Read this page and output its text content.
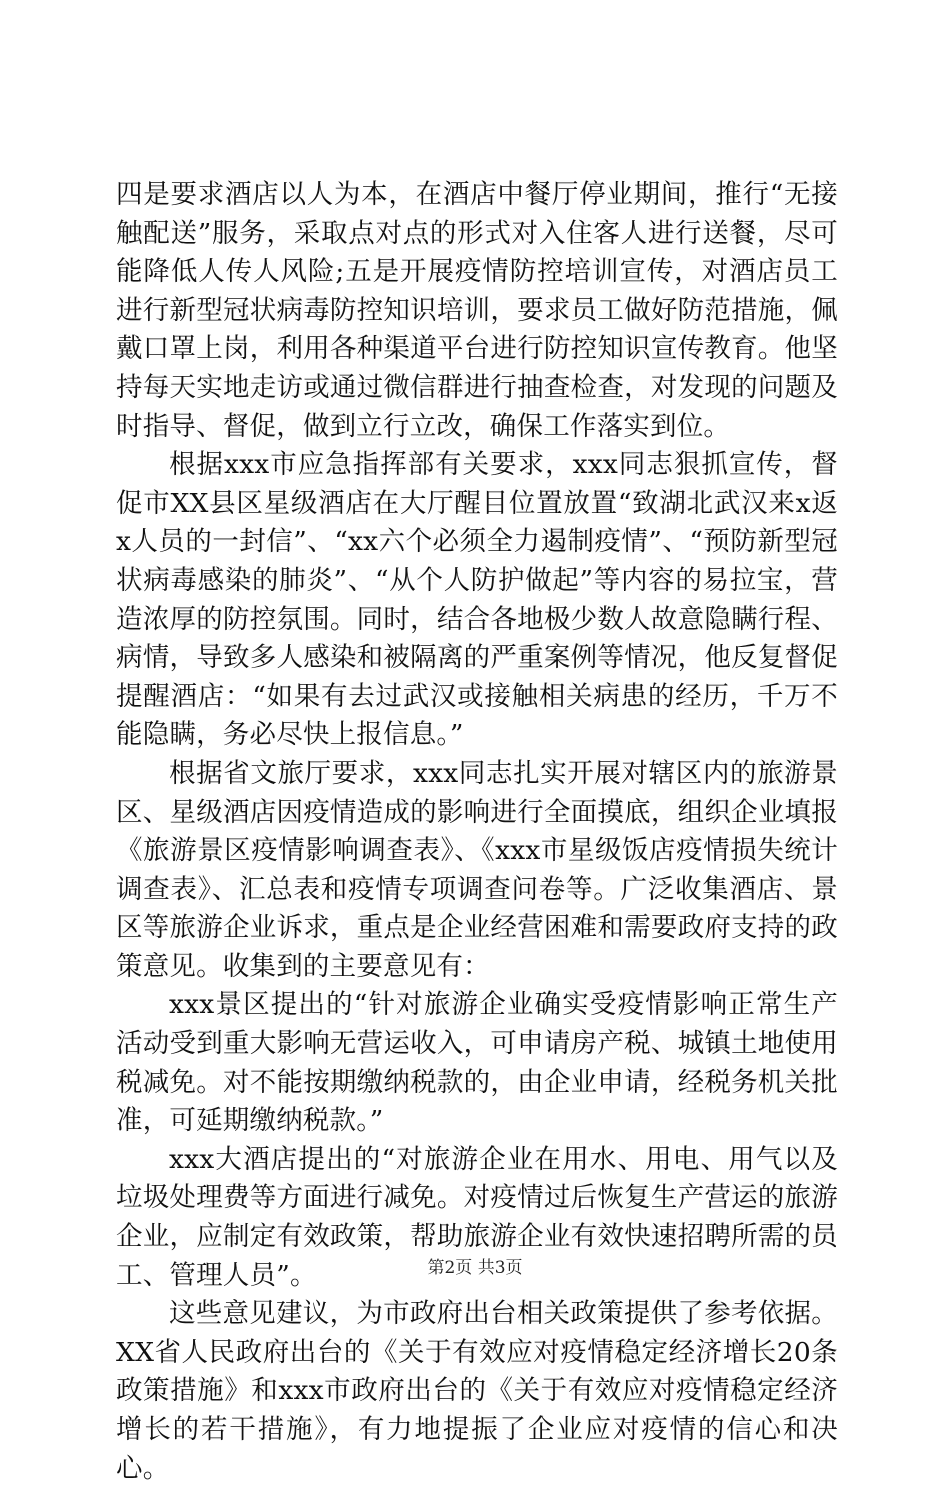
四是要求酒店以人为本，在酒店中餐厅停业期间，推行“无接触配送”服务，采取点对点的形式对入住客人进行送餐，尽可能降低人传人风险;五是开展疫情防控培训宣传，对酒店员工进行新型冠状病毒防控知识培训，要求员工做好防范措施，佩戴口罩上岗，利用各种渠道平台进行防控知识宣传教育。他坚持每天实地走访或通过微信群进行抽查检查，对发现的问题及时指导、督促，做到立行立改，确保工作落实到位。

根据xxx市应急指挥部有关要求，xxx同志狠抓宣传，督促市XX县区星级酒店在大厅醒目位置放置“致湖北武汉来x返x人员的一封信”、“xx六个必须全力遏制疫情”、“预防新型冠状病毒感染的肺炎”、“从个人防护做起”等内容的易拉宝，营造浓厚的防控氛围。同时，结合各地极少数人故意隐瞒行程、病情，导致多人感染和被隔离的严重案例等情况，他反复督促提醒酒店：“如果有去过武汉或接触相关病患的经历，千万不能隐瞒，务必尽快上报信息。”

根据省文旅厅要求，xxx同志扎实开展对辖区内的旅游景区、星级酒店因疫情造成的影响进行全面摸底，组织企业填报《旅游景区疫情影响调查表》、《xxx市星级饭店疫情损失统计调查表》、汇总表和疫情专项调查问卷等。广泛收集酒店、景区等旅游企业诉求，重点是企业经营困难和需要政府支持的政策意见。收集到的主要意见有：

xxx景区提出的“针对旅游企业确实受疫情影响正常生产活动受到重大影响无营运收入，可申请房产税、城镇土地使用税减免。对不能按期缴纳税款的，由企业申请，经税务机关批准，可延期缴纳税款。”

xxx大酒店提出的“对旅游企业在用水、用电、用气以及垃圾处理费等方面进行减免。对疫情过后恢复生产营运的旅游企业，应制定有效政策，帮助旅游企业有效快速招聘所需的员工、管理人员”。

这些意见建议，为市政府出台相关政策提供了参考依据。XX省人民政府出台的《关于有效应对疫情稳定经济增长20条政策措施》和xxx市政府出台的《关于有效应对疫情稳定经济增长的若干措施》，有力地提振了企业应对疫情的信心和决心。

第2页 共3页
